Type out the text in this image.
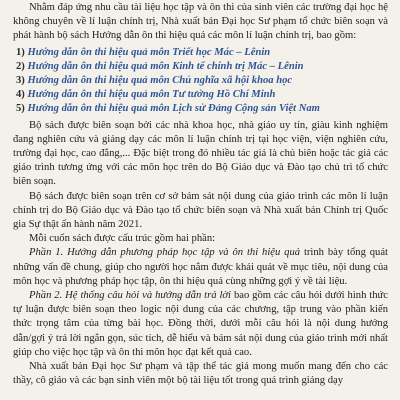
Nhằm đáp ứng nhu cầu tài liệu học tập và ôn thi của sinh viên các trường đại học hệ không chuyên về lí luận chính trị, Nhà xuất bản Đại học Sư phạm tổ chức biên soạn và phát hành bộ sách Hướng dẫn ôn thi hiệu quả các môn lí luận chính trị, bao gồm:

1) Hướng dẫn ôn thi hiệu quả môn Triết học Mác – Lênin
2) Hướng dẫn ôn thi hiệu quả môn Kinh tế chính trị Mác – Lênin
3) Hướng dẫn ôn thi hiệu quả môn Chủ nghĩa xã hội khoa học
4) Hướng dẫn ôn thi hiệu quả môn Tư tưởng Hồ Chí Minh
5) Hướng dẫn ôn thi hiệu quả môn Lịch sử Đảng Cộng sản Việt Nam

Bộ sách được biên soạn bởi các nhà khoa học, nhà giáo uy tín, giàu kinh nghiệm đang nghiên cứu và giảng dạy các môn lí luận chính trị tại học viện, viện nghiên cứu, trường đại học, cao đẳng,... Đặc biệt trong đó nhiều tác giả là chủ biên hoặc tác giả các giáo trình tương ứng với các môn học trên do Bộ Giáo dục và Đào tạo chủ trì tổ chức biên soạn.

Bộ sách được biên soạn trên cơ sở bám sát nội dung của giáo trình các môn lí luận chính trị do Bộ Giáo dục và Đào tạo tổ chức biên soạn và Nhà xuất bản Chính trị Quốc gia Sự thật ấn hành năm 2021.

Mỗi cuốn sách được cấu trúc gồm hai phần:

Phần 1. Hướng dẫn phương pháp học tập và ôn thi hiệu quả trình bày tổng quát những vấn đề chung, giúp cho người học nắm được khái quát về mục tiêu, nội dung của môn học và phương pháp học tập, ôn thi hiệu quả cùng những gợi ý về tài liệu.

Phần 2. Hệ thống câu hỏi và hướng dẫn trả lời bao gồm các câu hỏi dưới hình thức tự luận được biên soạn theo logic nội dung của các chương, tập trung vào phần kiến thức trọng tâm của từng bài học. Đồng thời, dưới mỗi câu hỏi là nội dung hướng dẫn/gợi ý trả lời ngắn gọn, súc tích, dễ hiểu và bám sát nội dung của giáo trình mới nhất giúp cho việc học tập và ôn thi môn học đạt kết quả cao.

Nhà xuất bản Đại học Sư phạm và tập thể tác giả mong muốn mang đến cho các thầy, cô giáo và các bạn sinh viên một bộ tài liệu tốt trong quá trình giảng dạy
